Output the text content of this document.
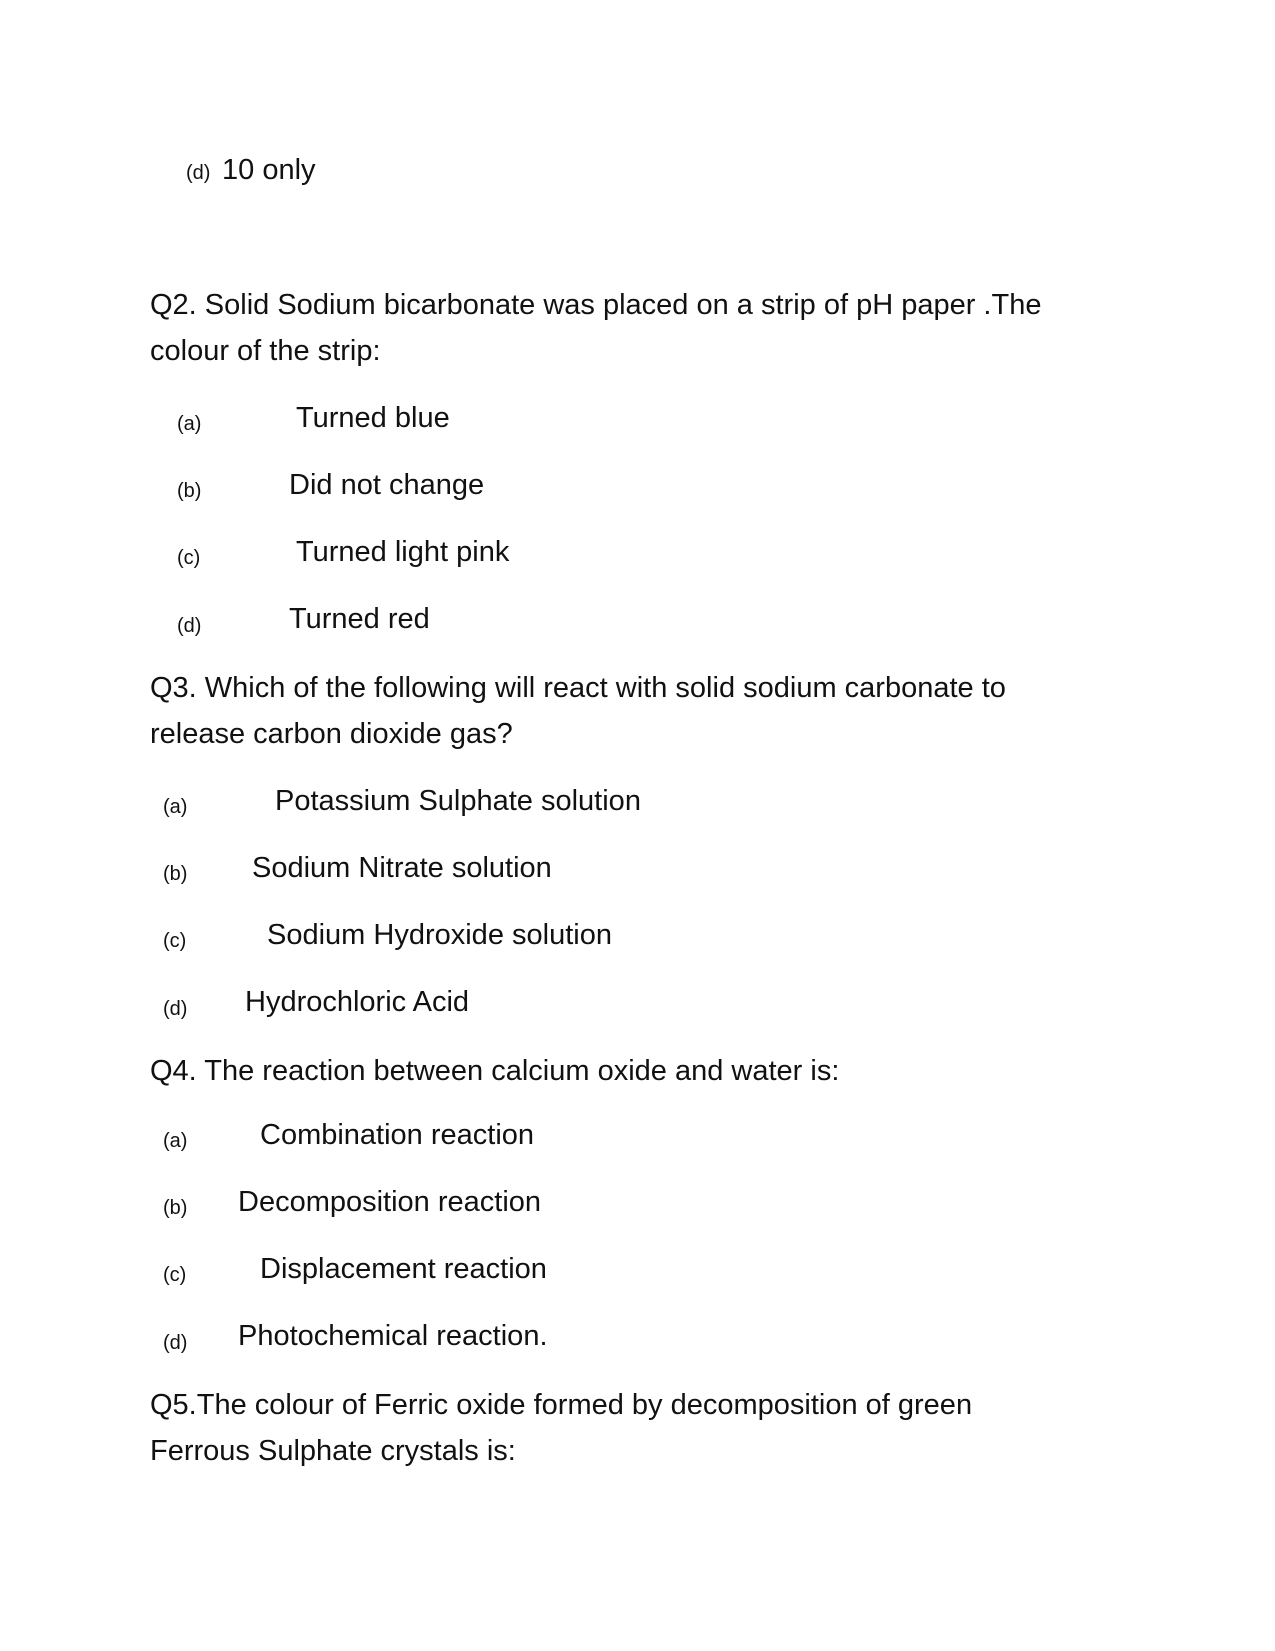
(d) 10 only

Q2. Solid Sodium bicarbonate was placed on a strip of pH paper .The colour of the strip:

(a)	Turned blue
(b)	Did not change
(c)	Turned light pink
(d)	Turned red

Q3. Which of the following will react with solid sodium carbonate to release carbon dioxide gas?

(a)	Potassium Sulphate solution
(b) Sodium Nitrate solution
(c)	Sodium Hydroxide solution
(d) Hydrochloric Acid

Q4. The reaction between calcium oxide and water is:

(a)	Combination reaction
(b) Decomposition reaction
(c)	Displacement reaction
(d) Photochemical reaction.

Q5.The colour of Ferric oxide formed by decomposition of green Ferrous Sulphate crystals is:
